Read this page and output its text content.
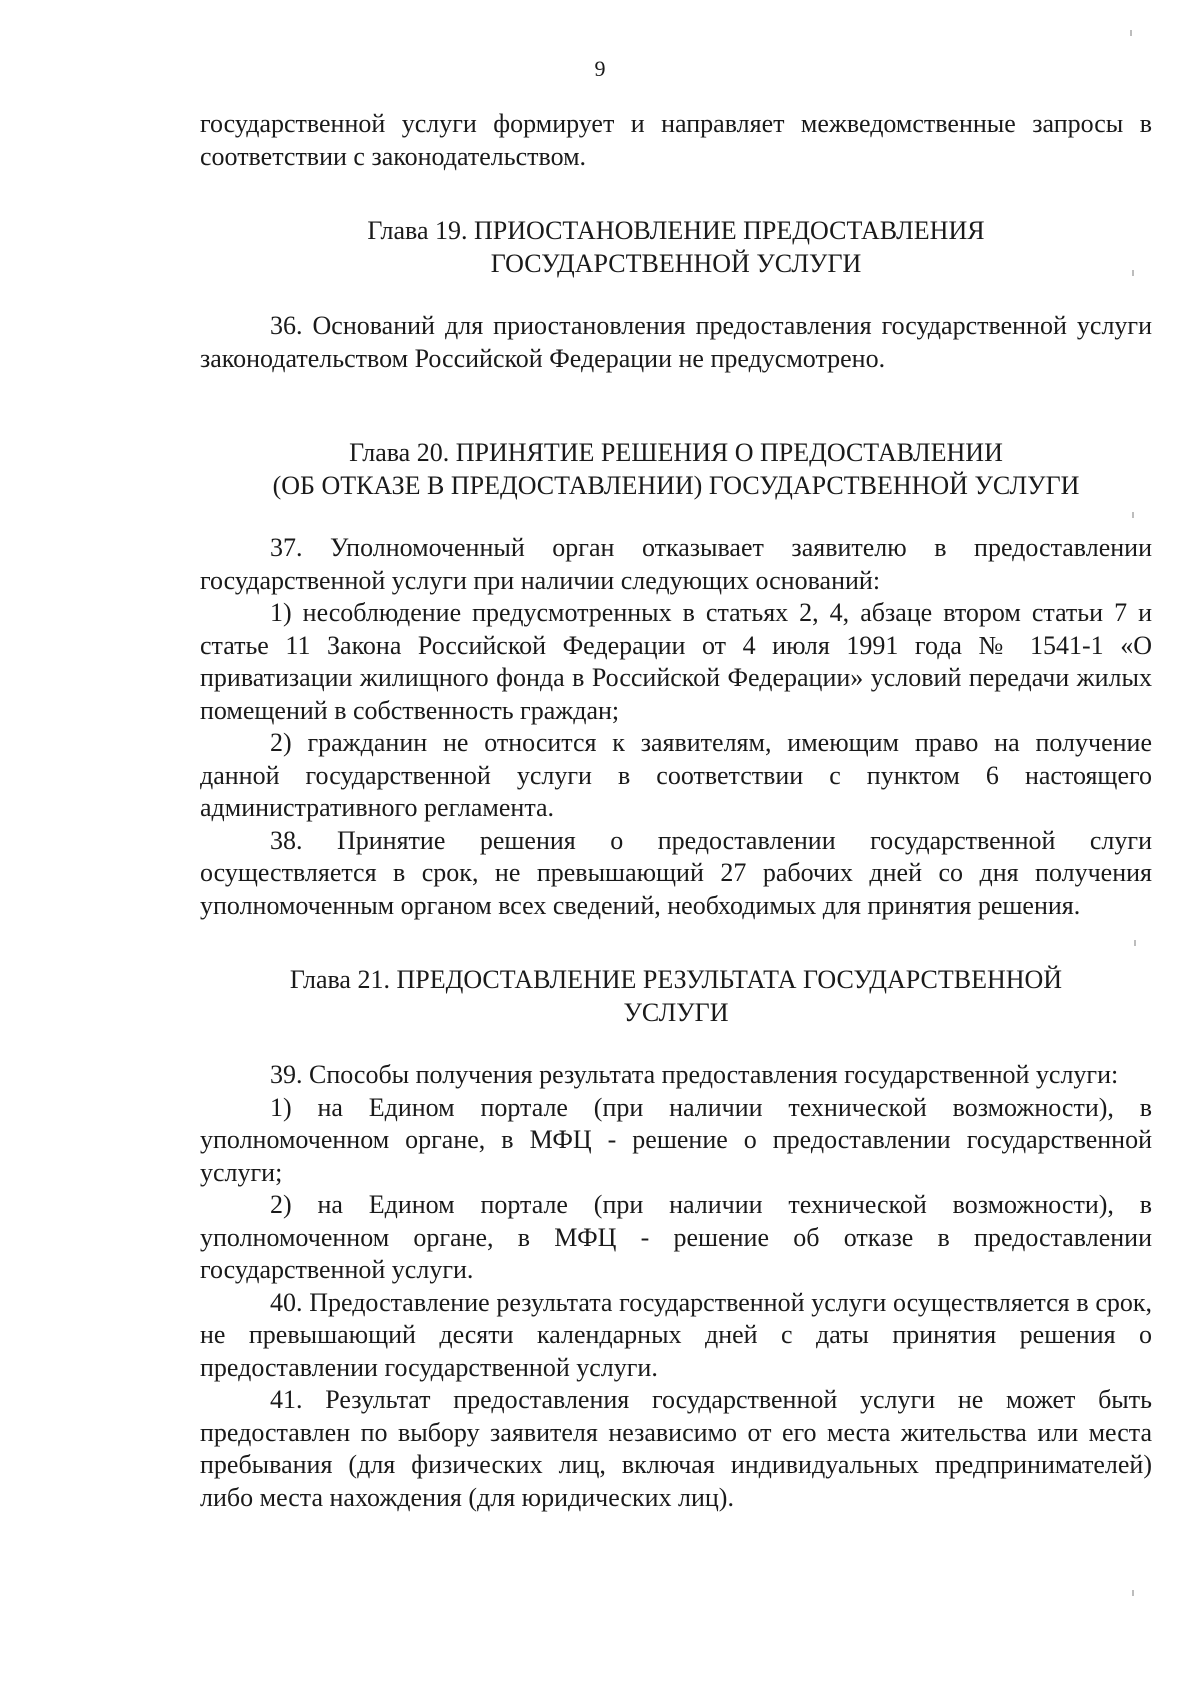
9

государственной услуги формирует и направляет межведомственные запросы в соответствии с законодательством.

Глава 19. ПРИОСТАНОВЛЕНИЕ ПРЕДОСТАВЛЕНИЯ
ГОСУДАРСТВЕННОЙ УСЛУГИ

36. Оснований для приостановления предоставления государственной услуги законодательством Российской Федерации не предусмотрено.

Глава 20. ПРИНЯТИЕ РЕШЕНИЯ О ПРЕДОСТАВЛЕНИИ
(ОБ ОТКАЗЕ В ПРЕДОСТАВЛЕНИИ) ГОСУДАРСТВЕННОЙ УСЛУГИ

37. Уполномоченный орган отказывает заявителю в предоставлении государственной услуги при наличии следующих оснований:

1) несоблюдение предусмотренных в статьях 2, 4, абзаце втором статьи 7 и статье 11 Закона Российской Федерации от 4 июля 1991 года № 1541-1 «О приватизации жилищного фонда в Российской Федерации» условий передачи жилых помещений в собственность граждан;

2) гражданин не относится к заявителям, имеющим право на получение данной государственной услуги в соответствии с пунктом 6 настоящего административного регламента.

38. Принятие решения о предоставлении государственной слуги осуществляется в срок, не превышающий 27 рабочих дней со дня получения уполномоченным органом всех сведений, необходимых для принятия решения.

Глава 21. ПРЕДОСТАВЛЕНИЕ РЕЗУЛЬТАТА ГОСУДАРСТВЕННОЙ
УСЛУГИ

39. Способы получения результата предоставления государственной услуги:

1) на Едином портале (при наличии технической возможности), в уполномоченном органе, в МФЦ - решение о предоставлении государственной услуги;

2) на Едином портале (при наличии технической возможности), в уполномоченном органе, в МФЦ - решение об отказе в предоставлении государственной услуги.

40. Предоставление результата государственной услуги осуществляется в срок, не превышающий десяти календарных дней с даты принятия решения о предоставлении государственной услуги.

41. Результат предоставления государственной услуги не может быть предоставлен по выбору заявителя независимо от его места жительства или места пребывания (для физических лиц, включая индивидуальных предпринимателей) либо места нахождения (для юридических лиц).
